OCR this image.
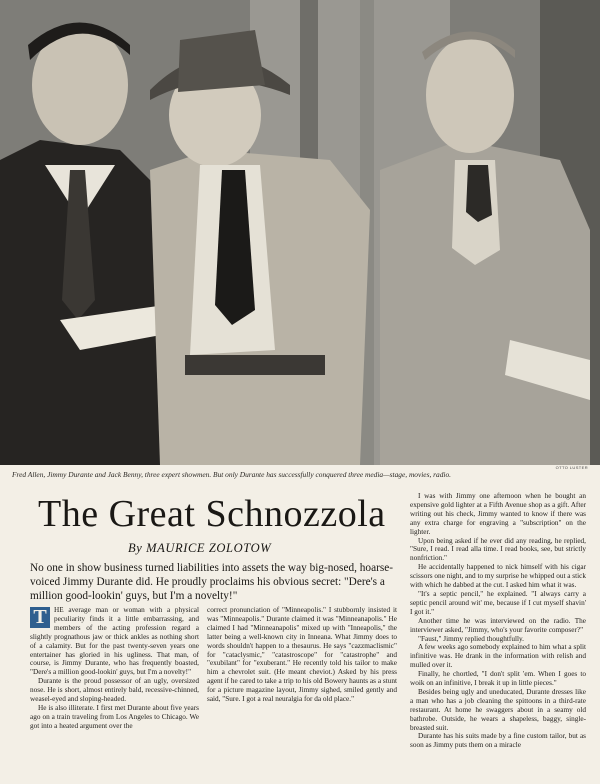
OTTO LUSTER
Fred Allen, Jimmy Durante and Jack Benny, three expert showmen. But only Durante has successfully conquered three media—stage, movies, radio.
The Great Schnozzola
By MAURICE ZOLOTOW
No one in show business turned liabilities into assets the way big-nosed, hoarse-voiced Jimmy Durante did. He proudly proclaims his obvious secret: "Dere's a million good-lookin' guys, but I'm a novelty!"

T	HE average man or woman with a physical peculiarity finds it a little embarrassing, and members of the acting profession regard a slightly prognathous jaw or thick ankles as nothing short of a calamity. But for the past twenty-seven years one entertainer has gloried in his ugliness. That man, of course, is Jimmy Durante, who has frequently boasted, "Dere's a million good-lookin' guys, but I'm a novelty!"

Durante is the proud possessor of an ugly, oversized nose. He is short, almost entirely bald, recessive-chinned, weasel-eyed and sloping-headed.

He is also illiterate. I first met Durante about five years ago on a train traveling from Los Angeles to Chicago. We got into a heated argument over the

correct pronunciation of "Minneapolis." I stubbornly insisted it was "Minneapolis." Durante claimed it was "Minneanapolis." He claimed I had "Minneanapolis" mixed up with "Inneapolis," the latter being a well-known city in Inneana. What Jimmy does to words shouldn't happen to a thesaurus. He says "cazzmaclismic" for "cataclysmic," "catastroscope" for "catastrophe" and "exubilant" for "exuberant." He recently told his tailor to make him a chevrolet suit. (He meant cheviot.) Asked by his press agent if he cared to take a trip to his old Bowery haunts as a stunt for a picture magazine layout, Jimmy sighed, smiled gently and said, "Sure. I got a real neuralgia for da old place."

I was with Jimmy one afternoon when he bought an expensive gold lighter at a Fifth Avenue shop as a gift. After writing out his check, Jimmy wanted to know if there was any extra charge for engraving a "subscription" on the lighter.

Upon being asked if he ever did any reading, he replied, "Sure, I read. I read alla time. I read books, see, but strictly nonfriction."

He accidentally happened to nick himself with his cigar scissors one night, and to my surprise he whipped out a stick with which he dabbed at the cut. I asked him what it was.

"It's a septic pencil," he explained. "I always carry a septic pencil around wit' me, because if I cut myself shavin' I got it."

Another time he was interviewed on the radio. The interviewer asked, "Jimmy, who's your favorite composer?"

"Faust," Jimmy replied thoughtfully.

A few weeks ago somebody explained to him what a split infinitive was. He drank in the information with relish and mulled over it.

Finally, he chortled, "I don't split 'em. When I goes to woik on an infinitive, I break it up in little pieces."

Besides being ugly and uneducated, Durante dresses like a man who has a job cleaning the spittoons in a third-rate restaurant. At home he swaggers about in a seamy old bathrobe. Outside, he wears a shapeless, baggy, single-breasted suit.

Durante has his suits made by a fine custom tailor, but as soon as Jimmy puts them on a miracle
